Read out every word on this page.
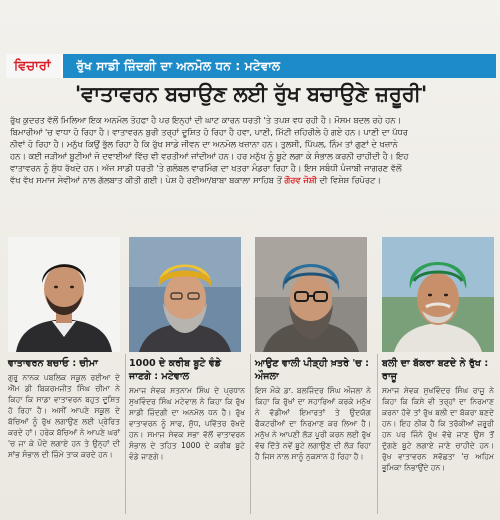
ਵਿਚਾਰਾਂ	ਰੁੱਖ ਸਾਡੀ ਜ਼ਿੰਦਗੀ ਦਾ ਅਨਮੋਲ ਧਨ : ਮਟੇਵਾਲ
'ਵਾਤਾਵਰਨ ਬਚਾਉਣ ਲਈ ਰੁੱਖ ਬਚਾਉਣੇ ਜ਼ਰੂਰੀ'
ਰੁੱਖ ਕੁਦਰਤ ਵੱਲੋਂ ਮਿਲਿਆ ਇਕ ਅਨਮੋਲ ਤੋਹਫਾ ਹੈ ਪਰ ਇਨ੍ਹਾਂ ਦੀ ਘਾਟ ਕਾਰਨ ਧਰਤੀ 'ਤੇ ਤਪਸ਼ ਵਧ ਰਹੀ ਹੈ। ਮੌਸਮ ਬਦਲ ਰਹੇ ਹਨ।
ਬਿਮਾਰੀਆਂ 'ਚ ਵਾਧਾ ਹੋ ਰਿਹਾ ਹੈ। ਵਾਤਾਵਰਨ ਬੁਰੀ ਤਰ੍ਹਾਂ ਦੂਸ਼ਿਤ ਹੋ ਰਿਹਾ ਹੈ ਹਵਾ, ਪਾਣੀ, ਮਿੱਟੀ ਜ਼ਹਿਰੀਲੇ ਹੋ ਗਏ ਹਨ। ਪਾਣੀ ਦਾ ਪੱਧਰ
ਨੀਵਾਂ ਹੋ ਰਿਹਾ ਹੈ। ਮਨੁੱਖ ਕਿਉਂ ਭੁੱਲ ਰਿਹਾ ਹੈ ਕਿ ਰੁੱਖ ਸਾਡੇ ਜੀਵਨ ਦਾ ਅਨਮੋਲ ਖਜ਼ਾਨਾ ਹਨ। ਤੁਲਸੀ, ਪਿੱਪਲ, ਨਿੰਮ ਤਾਂ ਗੁਣਾਂ ਦੇ ਖਜ਼ਾਨੇ
ਹਨ। ਕਈ ਜੜੀਆਂ ਬੂਟੀਆਂ ਜੋ ਦਵਾਈਆਂ ਵਿੱਚ ਵੀ ਵਰਤੀਆਂ ਜਾਂਦੀਆਂ ਹਨ। ਹਰ ਮਨੁੱਖ ਨੂੰ ਬੂਟੇ ਲਗਾ ਕੇ ਸੰਭਾਲ ਕਰਨੀ ਚਾਹੀਦੀ ਹੈ। ਇਹ
ਵਾਤਾਵਰਨ ਨੂੰ ਸ਼ੁੱਧ ਰੱਖਦੇ ਹਨ। ਅੱਜ ਸਾਡੀ ਧਰਤੀ 'ਤੇ ਗਲੋਬਲ ਵਾਰਮਿੰਗ ਦਾ ਖਤਰਾ ਮੰਡਰਾ ਰਿਹਾ ਹੈ। ਇਸ ਸਬੰਧੀ ਪੰਜਾਬੀ ਜਾਗਰਣ ਵੱਲੋਂ
ਵੱਖ ਵੱਖ ਸਮਾਜ ਸੇਵੀਆਂ ਨਾਲ ਗੱਲਬਾਤ ਕੀਤੀ ਗਈ। ਪੇਸ਼ ਹੈ ਰਈਆ/ਬਾਬਾ ਬਕਾਲਾ ਸਾਹਿਬ ਤੋਂ ਗੌਰਵ ਜੋਸ਼ੀ ਦੀ ਵਿਸ਼ੇਸ਼ ਰਿਪੋਰਟ।
ਵਾਤਾਵਰਨ ਬਚਾਓ : ਚੀਮਾ
ਗੁਰੂ ਨਾਨਕ ਪਬਲਿਕ ਸਕੂਲ ਰਈਆ ਦੇ ਐੱਮ ਡੀ ਬਿਕਰਮਜੀਤ ਸਿੰਘ ਚੀਮਾ ਨੇ ਕਿਹਾ ਕਿ ਸਾਡਾ ਵਾਤਾਵਰਨ ਬਹੁਤ ਦੂਸ਼ਿਤ ਹੋ ਰਿਹਾ ਹੈ। ਅਸੀਂ ਆਪਣੇ ਸਕੂਲ ਦੇ ਬੱਚਿਆਂ ਨੂੰ ਰੁੱਖ ਲਗਾਉਣ ਲਈ ਪ੍ਰੇਰਿਤ ਕਰਦੇ ਹਾਂ। ਹਰੇਕ ਬੱਚਿਆਂ ਨੇ ਆਪਣੇ ਘਰਾਂ 'ਚ ਜਾ ਕੇ ਪੌਦੇ ਲਗਾਏ ਹਨ ਤੇ ਉਨ੍ਹਾਂ ਦੀ ਸਾਂਭ ਸੰਭਾਲ ਦੀ ਜ਼ਿੰਮੇ ਤਾਕ ਕਰਦੇ ਹਨ।
1000 ਦੇ ਕਰੀਬ ਬੂਟੇ ਵੰਡੇ ਜਾਣਗੇ : ਮਟੇਵਾਲ
ਸਮਾਜ ਸੇਵਕ ਸਤਨਾਮ ਸਿੰਘ ਦੇ ਪ੍ਰਧਾਨ ਸੁਖਵਿੰਦਰ ਸਿੰਘ ਮਟੇਵਾਲ ਨੇ ਕਿਹਾ ਕਿ ਰੁੱਖ ਸਾਡੀ ਜ਼ਿੰਦਗੀ ਦਾ ਅਨਮੋਲ ਧਨ ਹੈ। ਰੁੱਖ ਵਾਤਾਵਰਨ ਨੂੰ ਸਾਫ, ਸ਼ੁੱਧ, ਪਵਿੱਤਰ ਰੱਖਦੇ ਹਨ। ਸਮਾਜ ਸੇਵਕ ਸਭਾ ਵੱਲੋਂ ਵਾਤਾਵਰਨ ਸੰਭਾਲ ਦੇ ਤਹਿਤ 1000 ਦੇ ਕਰੀਬ ਬੂਟੇ ਵੰਡੇ ਜਾਣਗੇ।
ਆਉਣ ਵਾਲੀ ਪੀੜ੍ਹੀ ਖ਼ਤਰੇ 'ਚ : ਔਜਲਾ
ਇਸ ਮੌਕੇ ਡਾ. ਬਲਜਿੰਦਰ ਸਿੰਘ ਔਜਲਾ ਨੇ ਕਿਹਾ ਕਿ ਰੁੱਖਾਂ ਦਾ ਸਹਾਰਿਆਂ ਕਰਕੇ ਮਨੁੱਖ ਨੇ ਵੱਡੀਆਂ ਇਮਾਰਤਾਂ ਤੇ ਉਦਯੋਗ ਫੈਕਟਰੀਆਂ ਦਾ ਨਿਰਮਾਣ ਕਰ ਲਿਆ ਹੈ। ਮਨੁੱਖ ਨੇ ਆਪਣੀ ਲੋੜ ਪੂਰੀ ਕਰਨ ਲਈ ਰੁੱਖ ਵੱਢ ਦਿੱਤੇ ਨਵੇਂ ਬੂਟੇ ਲਗਾਉਣ ਦੀ ਲੋੜ ਰਿਹਾ ਹੈ ਜਿਸ ਨਾਲ ਸਾਨੂੰ ਨੁਕਸਾਨ ਹੋ ਰਿਹਾ ਹੈ।
ਬਲੀ ਦਾ ਬੱਕਰਾ ਬਣਦੇ ਨੇ ਰੁੱਖ : ਰਾਜੂ
ਸਮਾਜ ਸੇਵਕ ਸੁਖਵਿੰਦਰ ਸਿੰਘ ਰਾਜੂ ਨੇ ਕਿਹਾ ਕਿ ਕਿਸੇ ਵੀ ਤਰ੍ਹਾਂ ਦਾ ਨਿਰਮਾਣ ਕਰਨਾ ਹੋਵੇ ਤਾਂ ਰੁੱਖ ਬਲੀ ਦਾ ਬੱਕਰਾ ਬਣਦੇ ਹਨ। ਇਹ ਠੀਕ ਹੈ ਕਿ ਤਰੱਕੀਆਂ ਜ਼ਰੂਰੀ ਹਨ ਪਰ ਜਿੰਨੇ ਰੁੱਖ ਵੱਢੇ ਜਾਣ ਉਸ ਤੋਂ ਦੁੱਗਣੇ ਬੂਟੇ ਲਗਾਏ ਜਾਣੇ ਚਾਹੀਦੇ ਹਨ। ਰੁੱਖ ਵਾਤਾਵਰਨ ਸਵੱਛਤਾ 'ਚ ਅਹਿਮ ਭੂਮਿਕਾ ਨਿਭਾਉਂਦੇ ਹਨ।
